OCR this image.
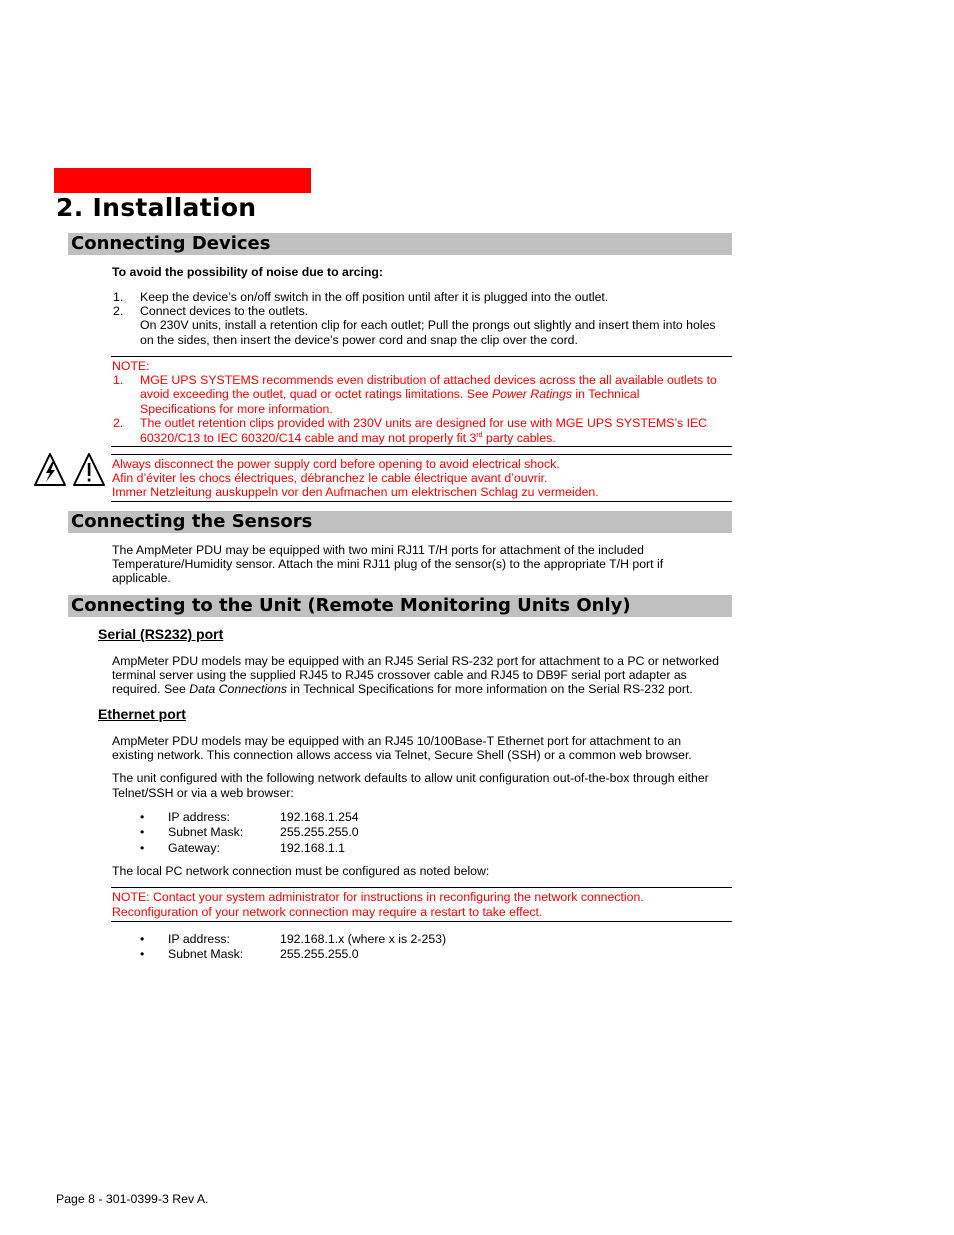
2. Installation
Connecting Devices
To avoid the possibility of noise due to arcing:
1. Keep the device’s on/off switch in the off position until after it is plugged into the outlet.
2. Connect devices to the outlets.
On 230V units, install a retention clip for each outlet; Pull the prongs out slightly and insert them into holes
on the sides, then insert the device’s power cord and snap the clip over the cord.
NOTE:
1. MGE UPS SYSTEMS recommends even distribution of attached devices across the all available outlets to
avoid exceeding the outlet, quad or octet ratings limitations. See Power Ratings in Technical
Specifications for more information.
2. The outlet retention clips provided with 230V units are designed for use with MGE UPS SYSTEMS’s IEC
60320/C13 to IEC 60320/C14 cable and may not properly fit 3rd party cables.
Always disconnect the power supply cord before opening to avoid electrical shock.
Afin d’éviter les chocs électriques, débranchez le cable électrique avant d’ouvrir.
Immer Netzleitung auskuppeln vor den Aufmachen um elektrischen Schlag zu vermeiden.
Connecting the Sensors
The AmpMeter PDU may be equipped with two mini RJ11 T/H ports for attachment of the included
Temperature/Humidity sensor. Attach the mini RJ11 plug of the sensor(s) to the appropriate T/H port if
applicable.
Connecting to the Unit (Remote Monitoring Units Only)
Serial (RS232) port
AmpMeter PDU models may be equipped with an RJ45 Serial RS-232 port for attachment to a PC or networked
terminal server using the supplied RJ45 to RJ45 crossover cable and RJ45 to DB9F serial port adapter as
required. See Data Connections in Technical Specifications for more information on the Serial RS-232 port.
Ethernet port
AmpMeter PDU models may be equipped with an RJ45 10/100Base-T Ethernet port for attachment to an
existing network. This connection allows access via Telnet, Secure Shell (SSH) or a common web browser.
The unit configured with the following network defaults to allow unit configuration out-of-the-box through either
Telnet/SSH or via a web browser:
• IP address:	192.168.1.254
• Subnet Mask:	255.255.255.0
• Gateway:	192.168.1.1
The local PC network connection must be configured as noted below:
NOTE: Contact your system administrator for instructions in reconfiguring the network connection.
Reconfiguration of your network connection may require a restart to take effect.
• IP address:	192.168.1.x (where x is 2-253)
• Subnet Mask:	255.255.255.0
Page 8 - 301-0399-3 Rev A.
